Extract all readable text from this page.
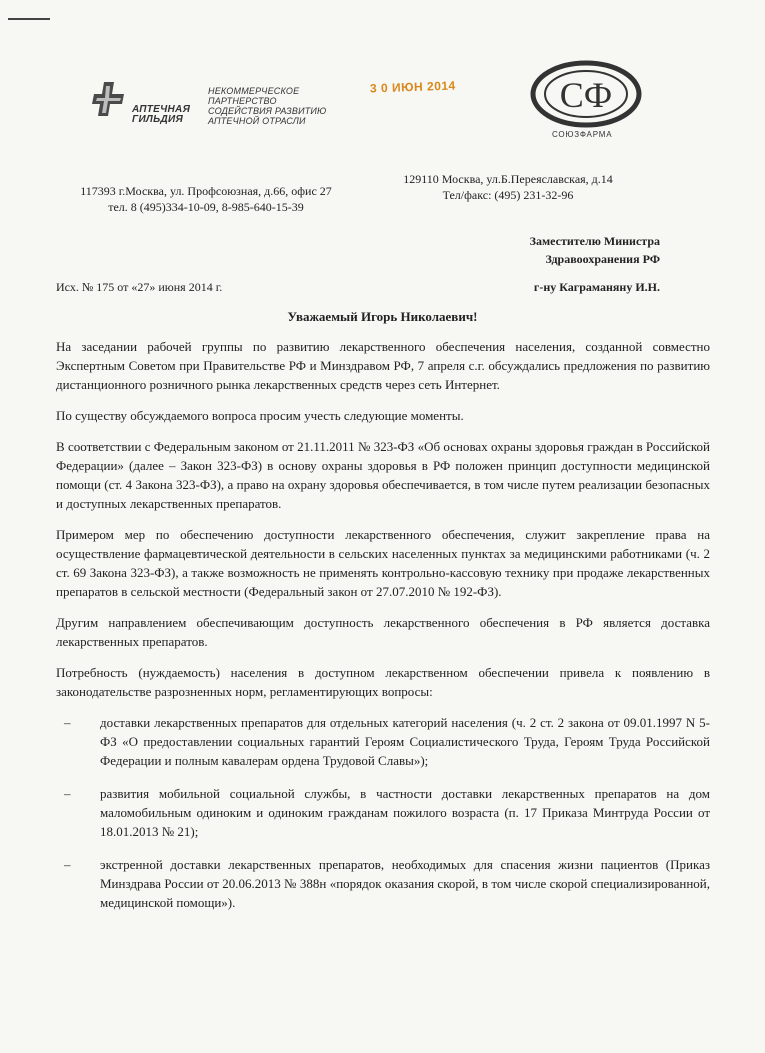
АПТЕЧНАЯ
ГИЛЬДИЯ
НЕКОММЕРЧЕСКОЕ
ПАРТНЕРСТВО
СОДЕЙСТВИЯ РАЗВИТИЮ
АПТЕЧНОЙ ОТРАСЛИ
3 0 ИЮН 2014	СФ
СОЮЗФАРМА
117393 г.Москва, ул. Профсоюзная, д.66, офис 27
тел. 8 (495)334-10-09, 8-985-640-15-39
129110 Москва, ул.Б.Переяславская, д.14
Тел/факс: (495) 231-32-96
Заместителю Министра
Здравоохранения РФ
г-ну Каграманяну И.Н.
Исх. № 175 от «27» июня 2014 г.
Уважаемый Игорь Николаевич!

На заседании рабочей группы по развитию лекарственного обеспечения населения, созданной совместно Экспертным Советом при Правительстве РФ и Минздравом РФ, 7 апреля с.г. обсуждались предложения по развитию дистанционного розничного рынка лекарственных средств через сеть Интернет.

По существу обсуждаемого вопроса просим учесть следующие моменты.

В соответствии с Федеральным законом от 21.11.2011 № 323-ФЗ «Об основах охраны здоровья граждан в Российской Федерации» (далее – Закон 323-ФЗ) в основу охраны здоровья в РФ положен принцип доступности медицинской помощи (ст. 4 Закона 323-ФЗ), а право на охрану здоровья обеспечивается, в том числе путем реализации безопасных и доступных лекарственных препаратов.

Примером мер по обеспечению доступности лекарственного обеспечения, служит закрепление права на осуществление фармацевтической деятельности в сельских населенных пунктах за медицинскими работниками (ч. 2 ст. 69 Закона 323-ФЗ), а также возможность не применять контрольно-кассовую технику при продаже лекарственных препаратов в сельской местности (Федеральный закон от 27.07.2010 № 192-ФЗ).

Другим направлением обеспечивающим доступность лекарственного обеспечения в РФ является доставка лекарственных препаратов.

Потребность (нуждаемость) населения в доступном лекарственном обеспечении привела к появлению в законодательстве разрозненных норм, регламентирующих вопросы:

– доставки лекарственных препаратов для отдельных категорий населения (ч. 2 ст. 2 закона от 09.01.1997 N 5-ФЗ «О предоставлении социальных гарантий Героям Социалистического Труда, Героям Труда Российской Федерации и полным кавалерам ордена Трудовой Славы»);
– развития мобильной социальной службы, в частности доставки лекарственных препаратов на дом маломобильным одиноким и одиноким гражданам пожилого возраста (п. 17 Приказа Минтруда России от 18.01.2013 № 21);
– экстренной доставки лекарственных препаратов, необходимых для спасения жизни пациентов (Приказ Минздрава России от 20.06.2013 № 388н «порядок оказания скорой, в том числе скорой специализированной, медицинской помощи»).
